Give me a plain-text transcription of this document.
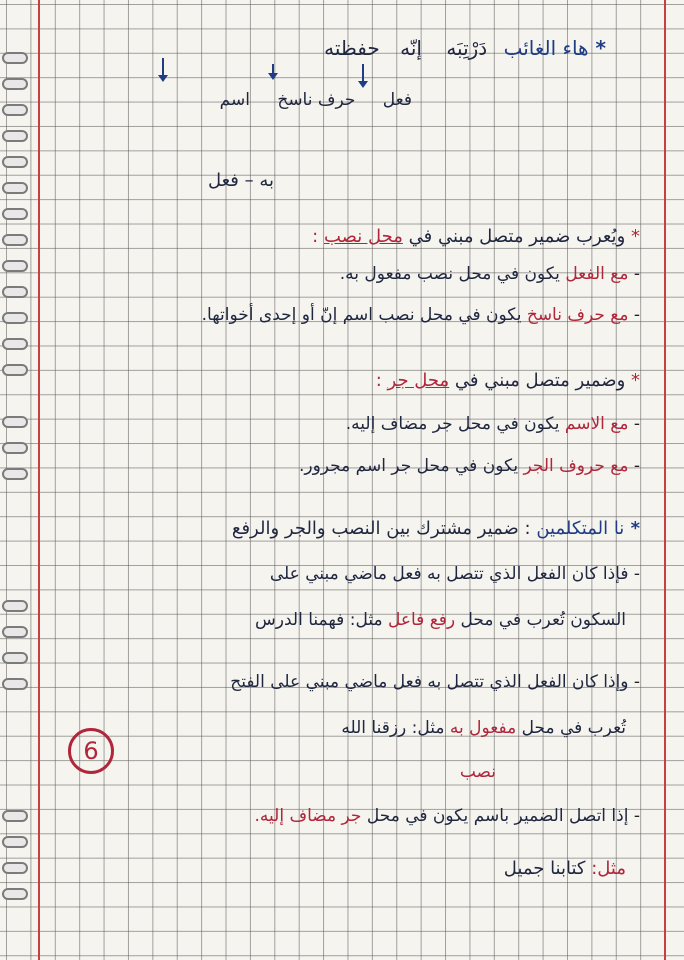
* هاء الغائب دَرْتِبَه إنّه حفظته
فعل حرف ناسخ اسم
به – فعل
* ويُعرب ضمير متصل مبني في محل نصب :
- مع الفعل يكون في محل نصب مفعول به.
- مع حرف ناسخ يكون في محل نصب اسم إنّ أو إحدى أخواتها.
* وضمير متصل مبني في محل جر :
- مع الاسم يكون في محل جر مضاف إليه.
- مع حروف الجر يكون في محل جر اسم مجرور.
* نا المتكلمين : ضمير مشترك بين النصب والجر والرفع
- فإذا كان الفعل الذي تتصل به فعل ماضي مبني على
السكون تُعرب في محل رفع فاعل مثل: فهمنا الدرس
- وإذا كان الفعل الذي تتصل به فعل ماضي مبني على الفتح
تُعرب في محل مفعول به مثل: رزقنا الله
نصب
- إذا اتصل الضمير باسم يكون في محل جر مضاف إليه.
مثل: كتابنا جميل
6
